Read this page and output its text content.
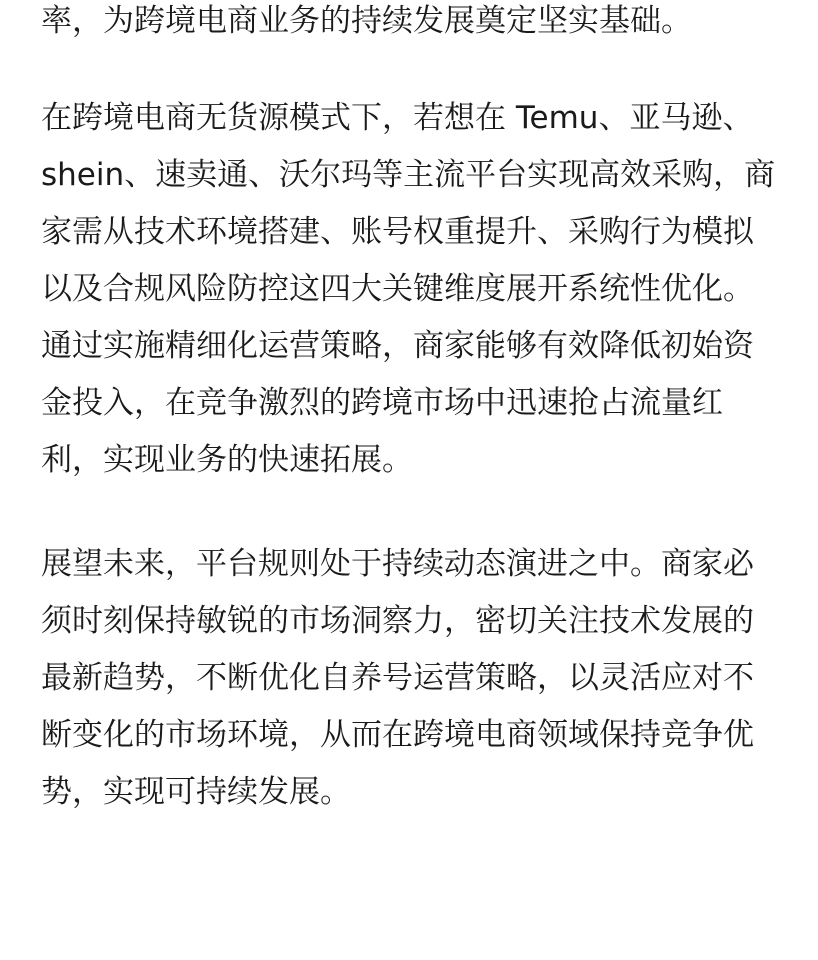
率，为跨境电商业务的持续发展奠定坚实基础。
在跨境电商无货源模式下，若想在 Temu、亚马逊、
shein、速卖通、沃尔玛等主流平台实现高效采购，商
家需从技术环境搭建、账号权重提升、采购行为模拟
以及合规风险防控这四大关键维度展开系统性优化。
通过实施精细化运营策略，商家能够有效降低初始资
金投入，在竞争激烈的跨境市场中迅速抢占流量红
利，实现业务的快速拓展。
展望未来，平台规则处于持续动态演进之中。商家必
须时刻保持敏锐的市场洞察力，密切关注技术发展的
最新趋势，不断优化自养号运营策略，以灵活应对不
断变化的市场环境，从而在跨境电商领域保持竞争优
势，实现可持续发展。
